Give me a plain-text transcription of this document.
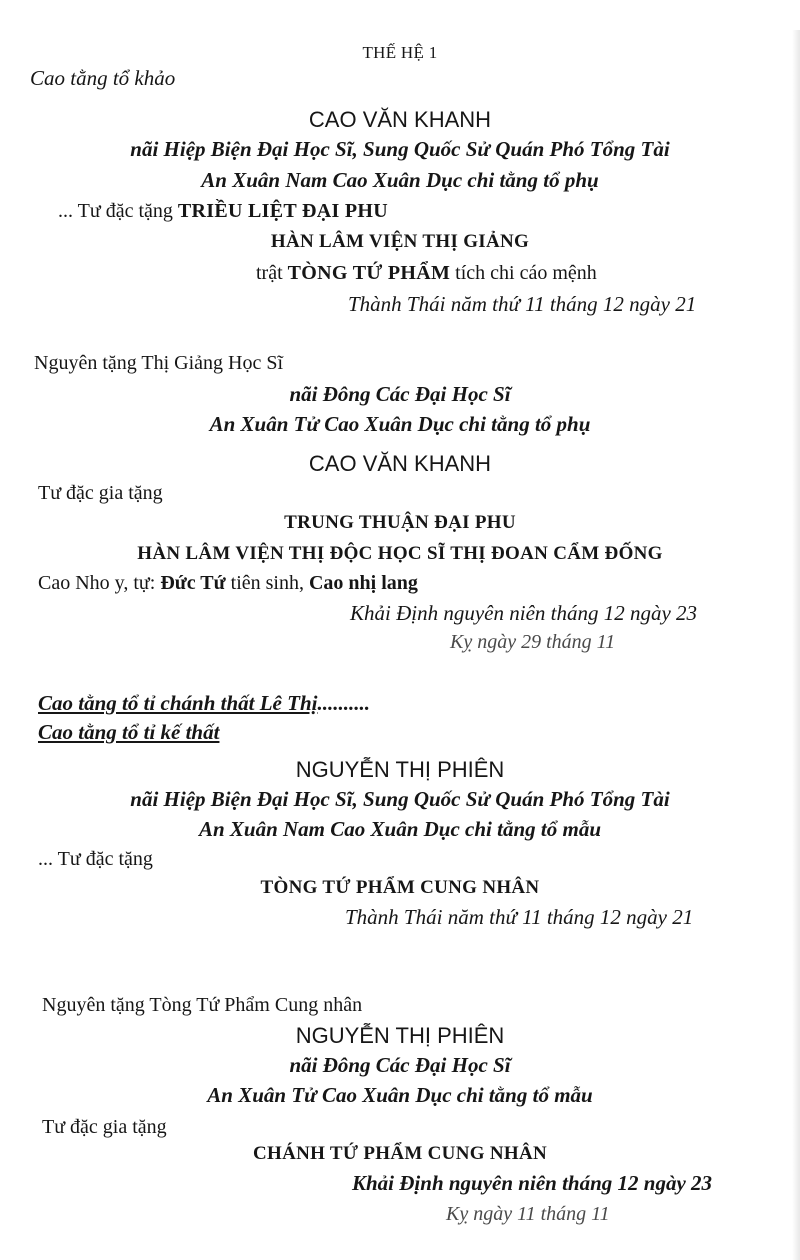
THẾ HỆ 1
Cao tằng tổ khảo
CAO VĂN KHANH
nãi Hiệp Biện Đại Học Sĩ, Sung Quốc Sử Quán Phó Tổng Tài
An Xuân Nam Cao Xuân Dục chi tằng tổ phụ
... Tư đặc tặng TRIỀU LIỆT ĐẠI PHU
HÀN LÂM VIỆN THỊ GIẢNG
trật TÒNG TỨ PHẨM tích chi cáo mệnh
Thành Thái năm thứ 11 tháng 12 ngày 21
Nguyên tặng Thị Giảng Học Sĩ
nãi Đông Các Đại Học Sĩ
An Xuân Tử Cao Xuân Dục chi tằng tổ phụ
CAO VĂN KHANH
Tư đặc gia tặng
TRUNG THUẬN ĐẠI PHU
HÀN LÂM VIỆN THỊ ĐỘC HỌC SĨ THỊ ĐOAN CẨM ĐỐNG
Cao Nho y, tự: Đức Tứ tiên sinh, Cao nhị lang
Khải Định nguyên niên tháng 12 ngày 23
Kỵ ngày 29 tháng 11
Cao tằng tổ tỉ chánh thất Lê Thị..........
Cao tằng tổ tỉ kế thất
NGUYỄN THỊ PHIÊN
nãi Hiệp Biện Đại Học Sĩ, Sung Quốc Sử Quán Phó Tổng Tài
An Xuân Nam Cao Xuân Dục chi tằng tổ mẫu
... Tư đặc tặng
TÒNG TỨ PHẨM CUNG NHÂN
Thành Thái năm thứ 11 tháng 12 ngày 21
Nguyên tặng Tòng Tứ Phẩm Cung nhân
NGUYỄN THỊ PHIÊN
nãi Đông Các Đại Học Sĩ
An Xuân Tử Cao Xuân Dục chi tằng tổ mẫu
Tư đặc gia tặng
CHÁNH TỨ PHẨM CUNG NHÂN
Khải Định nguyên niên tháng 12 ngày 23
Kỵ ngày 11 tháng 11
